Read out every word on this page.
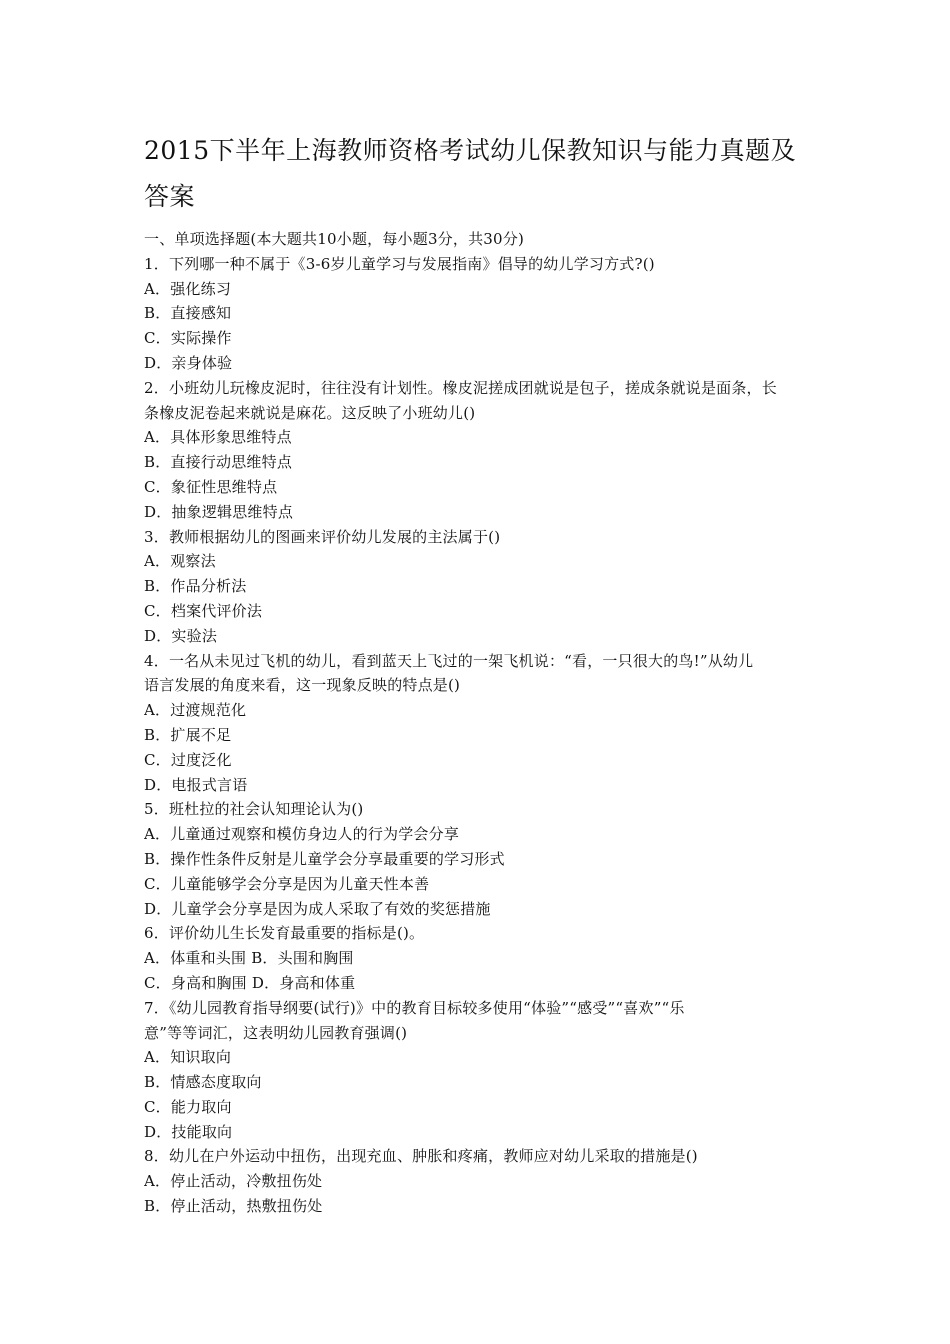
2015下半年上海教师资格考试幼儿保教知识与能力真题及
答案
一、单项选择题(本大题共10小题，每小题3分，共30分)
1．下列哪一种不属于《3-6岁儿童学习与发展指南》倡导的幼儿学习方式?()
A．强化练习
B．直接感知
C．实际操作
D．亲身体验
2．小班幼儿玩橡皮泥时，往往没有计划性。橡皮泥搓成团就说是包子，搓成条就说是面条，长
条橡皮泥卷起来就说是麻花。这反映了小班幼儿()
A．具体形象思维特点
B．直接行动思维特点
C．象征性思维特点
D．抽象逻辑思维特点
3．教师根据幼儿的图画来评价幼儿发展的主法属于()
A．观察法
B．作品分析法
C．档案代评价法
D．实验法
4．一名从未见过飞机的幼儿，看到蓝天上飞过的一架飞机说：“看，一只很大的鸟!”从幼儿
语言发展的角度来看，这一现象反映的特点是()
A．过渡规范化
B．扩展不足
C．过度泛化
D．电报式言语
5．班杜拉的社会认知理论认为()
A．儿童通过观察和模仿身边人的行为学会分享
B．操作性条件反射是儿童学会分享最重要的学习形式
C．儿童能够学会分享是因为儿童天性本善
D．儿童学会分享是因为成人采取了有效的奖惩措施
6．评价幼儿生长发育最重要的指标是()。
A．体重和头围 B．头围和胸围
C．身高和胸围 D．身高和体重
7．《幼儿园教育指导纲要(试行)》中的教育目标较多使用“体验”“感受”“喜欢”“乐
意”等等词汇，这表明幼儿园教育强调()
A．知识取向
B．情感态度取向
C．能力取向
D．技能取向
8．幼儿在户外运动中扭伤，出现充血、肿胀和疼痛，教师应对幼儿采取的措施是()
A．停止活动，冷敷扭伤处
B．停止活动，热敷扭伤处
